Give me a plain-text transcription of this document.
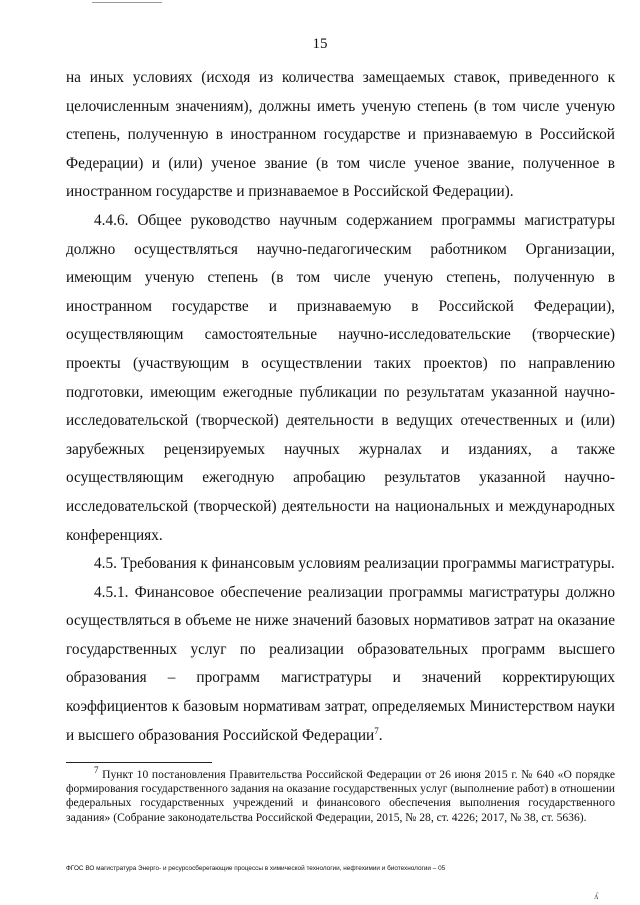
15

на иных условиях (исходя из количества замещаемых ставок, приведенного к целочисленным значениям), должны иметь ученую степень (в том числе ученую степень, полученную в иностранном государстве и признаваемую в Российской Федерации) и (или) ученое звание (в том числе ученое звание, полученное в иностранном государстве и признаваемое в Российской Федерации).

4.4.6. Общее руководство научным содержанием программы магистратуры должно осуществляться научно-педагогическим работником Организации, имеющим ученую степень (в том числе ученую степень, полученную в иностранном государстве и признаваемую в Российской Федерации), осуществляющим самостоятельные научно-исследовательские (творческие) проекты (участвующим в осуществлении таких проектов) по направлению подготовки, имеющим ежегодные публикации по результатам указанной научно-исследовательской (творческой) деятельности в ведущих отечественных и (или) зарубежных рецензируемых научных журналах и изданиях, а также осуществляющим ежегодную апробацию результатов указанной научно-исследовательской (творческой) деятельности на национальных и международных конференциях.

4.5. Требования к финансовым условиям реализации программы магистратуры.

4.5.1. Финансовое обеспечение реализации программы магистратуры должно осуществляться в объеме не ниже значений базовых нормативов затрат на оказание государственных услуг по реализации образовательных программ высшего образования – программ магистратуры и значений корректирующих коэффициентов к базовым нормативам затрат, определяемых Министерством науки и высшего образования Российской Федерации$^7$.

$^7$ Пункт 10 постановления Правительства Российской Федерации от 26 июня 2015 г. № 640 «О порядке формирования государственного задания на оказание государственных услуг (выполнение работ) в отношении федеральных государственных учреждений и финансового обеспечения выполнения государственного задания» (Собрание законодательства Российской Федерации, 2015, № 28, ст. 4226; 2017, № 38, ст. 5636).

ФГОС ВО магистратура Энерго- и ресурсосберегающие процессы в химической технологии, нефтехимии и биотехнологии – 05
ʎ
